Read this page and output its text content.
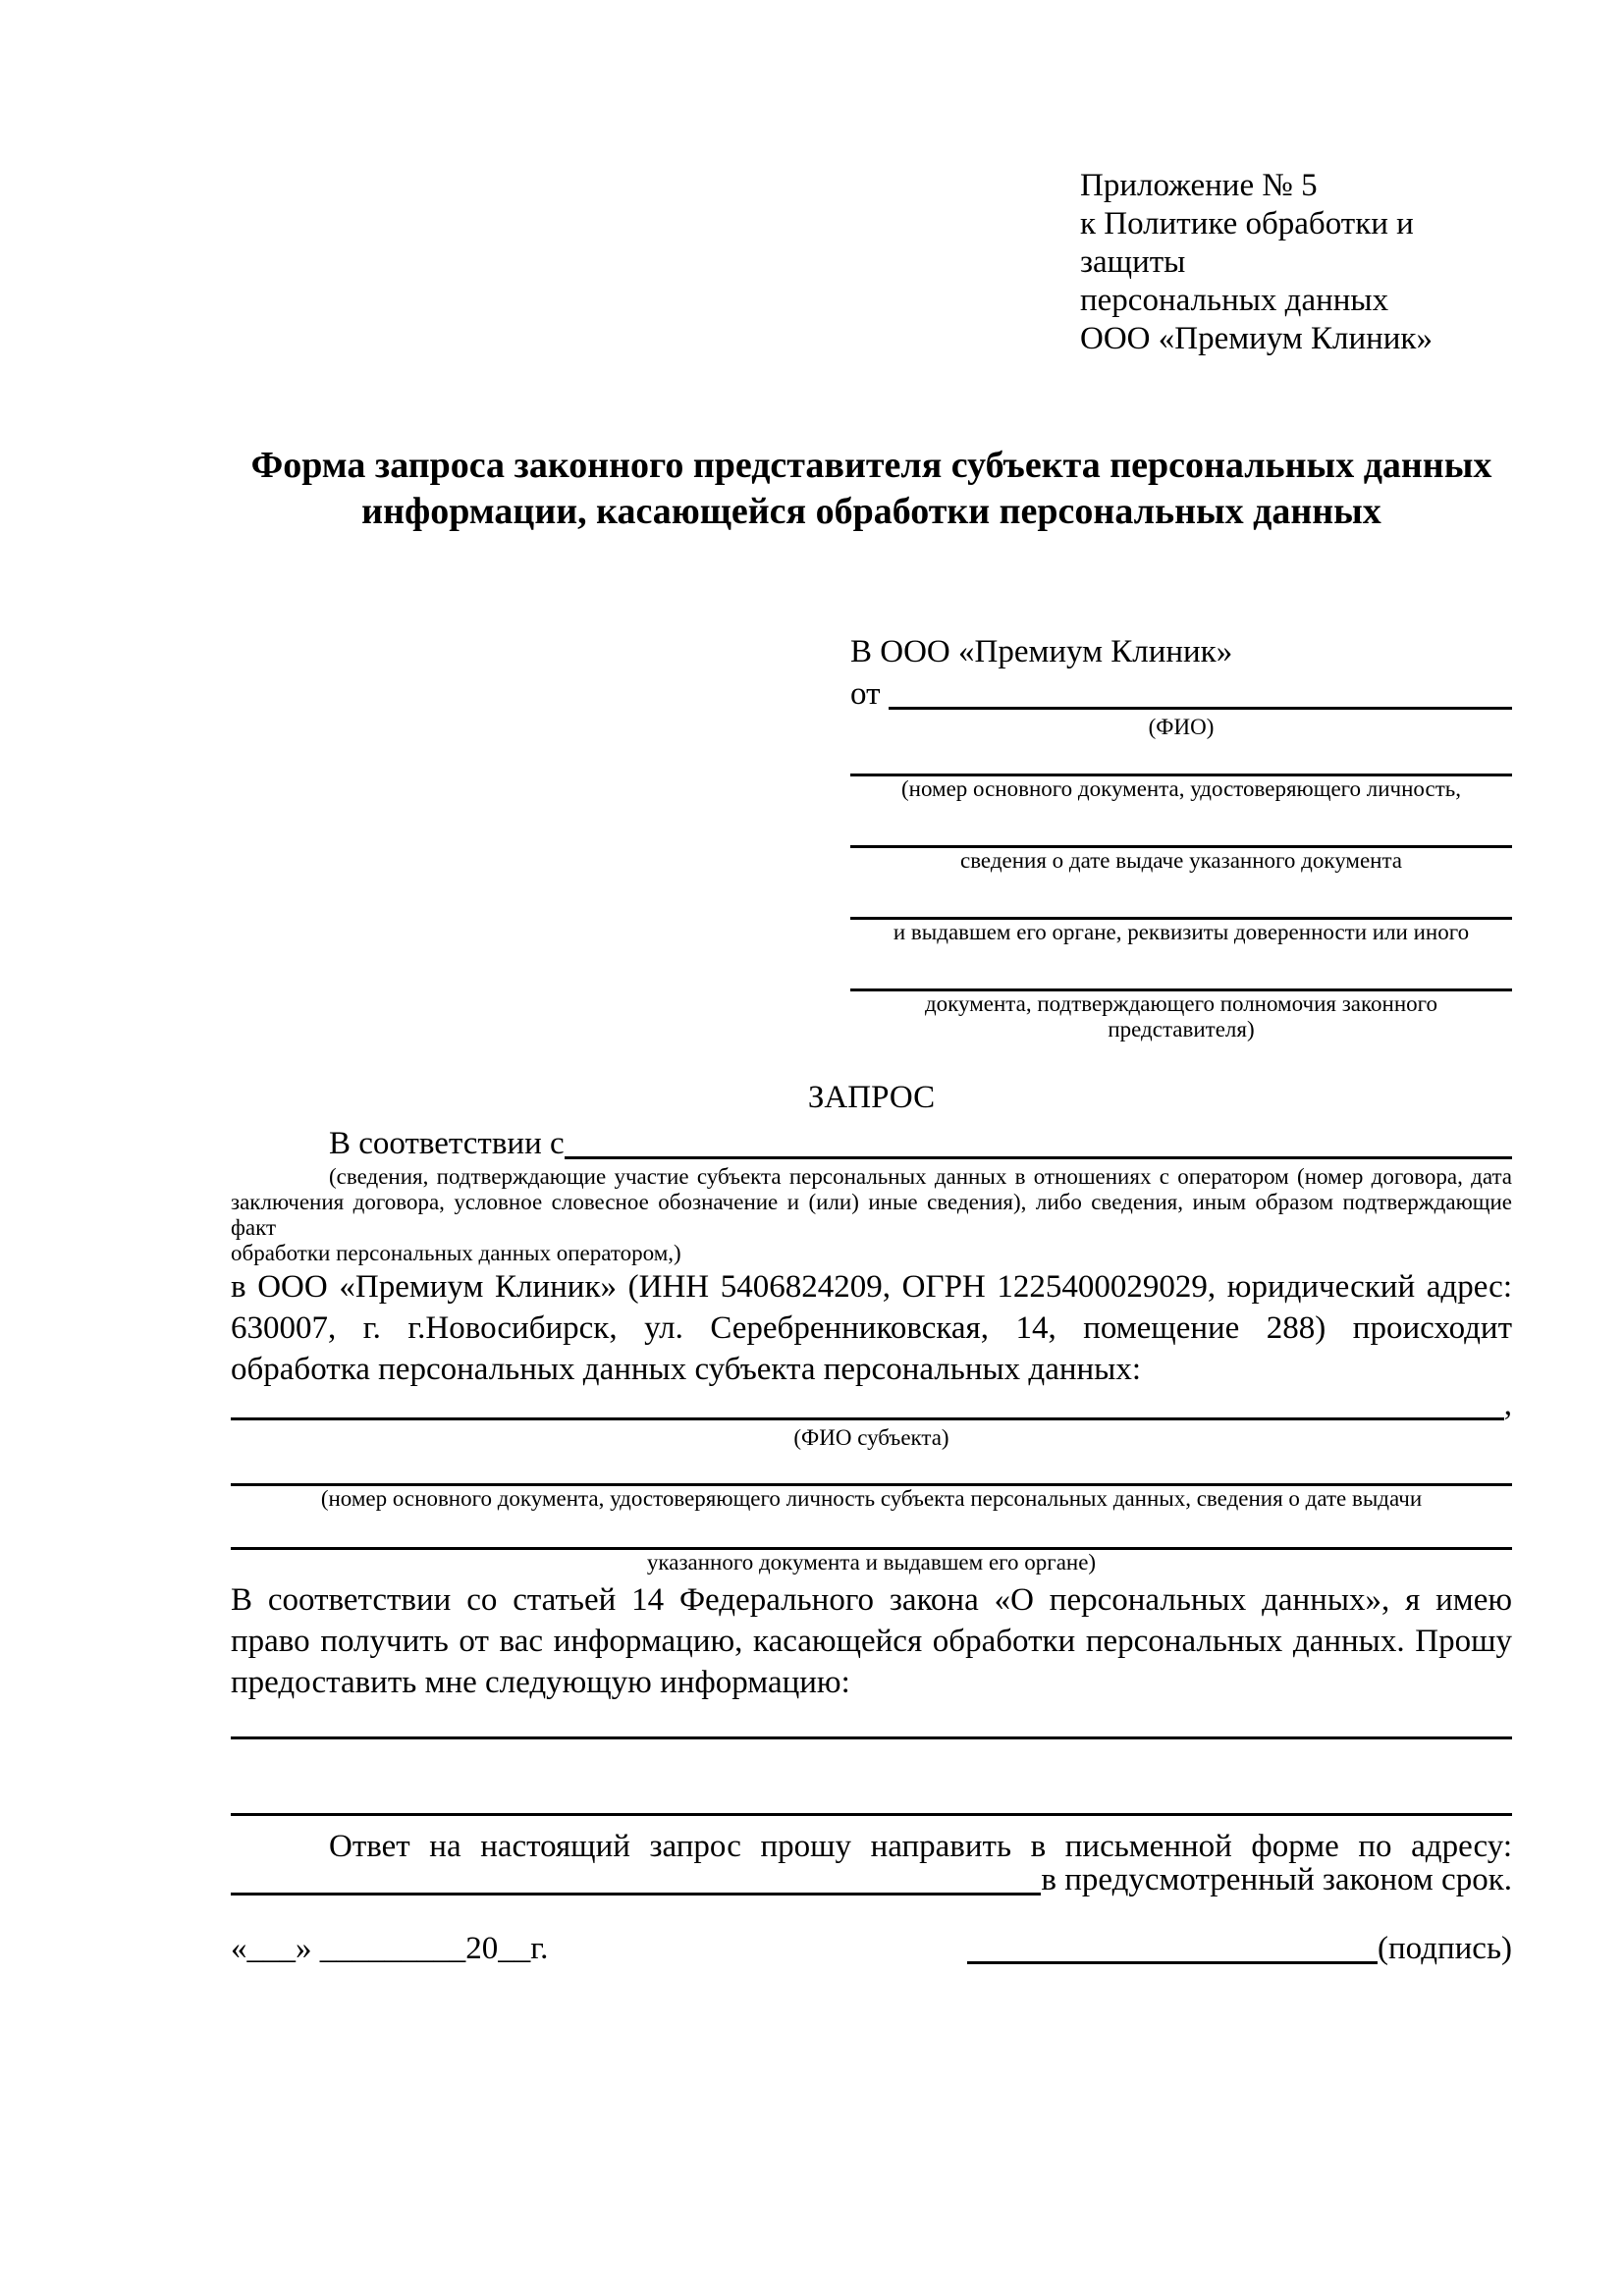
Приложение № 5
к Политике обработки и защиты
персональных данных
ООО «Премиум Клиник»
Форма запроса законного представителя субъекта персональных данных
информации, касающейся обработки персональных данных
В ООО «Премиум Клиник»
от
(ФИО)
(номер основного документа, удостоверяющего личность,
сведения о дате выдаче указанного документа
и выдавшем его органе, реквизиты доверенности или иного
документа, подтверждающего полномочия законного представителя)
ЗАПРОС
В соответствии с
(сведения, подтверждающие участие субъекта персональных данных в отношениях с оператором (номер договора, дата
заключения договора, условное словесное обозначение и (или) иные сведения), либо сведения, иным образом подтверждающие факт
обработки персональных данных оператором,)
в ООО «Премиум Клиник» (ИНН 5406824209, ОГРН 1225400029029, юридический адрес:
630007, г. г.Новосибирск, ул. Серебренниковская, 14, помещение 288) происходит
обработка персональных данных субъекта персональных данных:
,
(ФИО субъекта)
(номер основного документа, удостоверяющего личность субъекта персональных данных, сведения о дате выдачи
указанного документа и выдавшем его органе)
В соответствии со статьей 14 Федерального закона «О персональных данных», я имею
право получить от вас информацию, касающейся обработки персональных данных. Прошу
предоставить мне следующую информацию:
Ответ на настоящий запрос прошу направить в письменной форме по адресу:
в предусмотренный законом срок.
«___» _________20__г.	(подпись)
